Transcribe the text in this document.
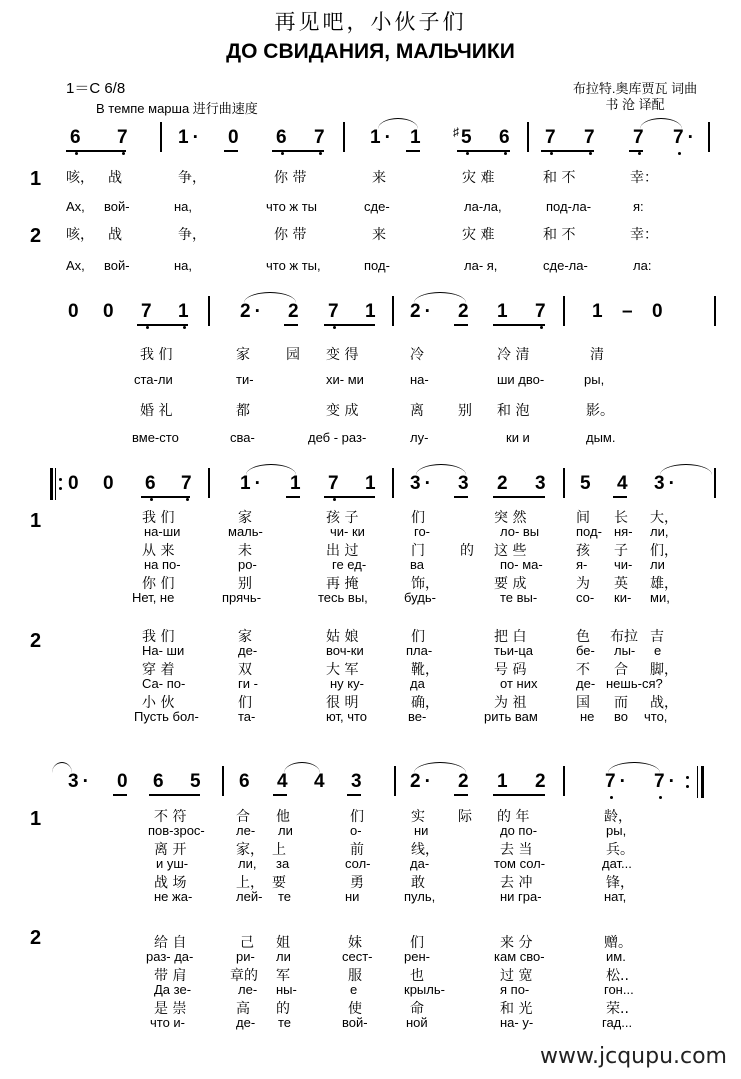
再见吧，小伙子们
ДО СВИДАНИЯ, МАЛЬЧИКИ
1＝C 6/8
В темпе марша 进行曲速度
布拉特.奥库贾瓦 词曲
书 沧 译配
6 7	1 · 0 6 7 1 · 1 5
♯ 6 7 7 7 7 ·
1
2
咳， 战	争，	你 带	来	灾 难	和 不	幸：
Ах, вой-	на,	что ж ты	сде-	ла-ла,	под-ла-	я:
咳， 战	争，	你 带	来	灾 难	和 不	幸：
Ах, вой-	на,	что ж ты,	под-	ла- я,	сде-ла-	ла:
0 0 7 1	2 · 2 7 1 2 · 2 1 7 1 – 0
我 们	家	园 变 得	冷	冷 清	清
ста-ли	ти-	хи- ми	на-	ши дво-	ры,
婚 礼	都	变 成	离 别 和 泡	影。
вме-сто	сва-	деб - раз-	лу-	ки и	дым.
0 0 6 7	1 · 1 7 1 3 · 3 2 3 5 4 3 ·
1
2
我 们	家	孩 子	们	突 然	间 长 大，
на-ши	маль-	чи- ки	го-	ло- вы	под- ня- ли,
从 来	未	出 过	门	的 这 些	孩 子 们，
на по-	ро-	ге ед-	ва	по- ма-	я- чи- ли
你 们	别	再 掩	饰，	要 成	为 英 雄，
Нет, не	прячь-	тесь вы,	будь-	те вы-	со- ки- ми,
我 们	家	姑 娘	们	把 白	色 布拉 吉
На- ши	де-	воч-ки	пла-	тьи-ца	бе- лы- е
穿 着	双	大 军	靴，	号 码	不 合 脚，
Са- по-	ги -	ну ку-	да	от них	де- нешь-ся?
小 伙	们	很 明	确，	为 祖	国 而 战，
Пусть бол-	та-	ют, что	ве-	рить вам	не во что,
3 · 0 6 5 6 4 4 3	2 · 2 1 2	7 · 7 ·
1
2
不 符	合 他	们	实 际 的 年	龄，
пов-зрос- ле- ли	о-	ни	до по-	ры,
离 开	家， 上	前	线，	去 当	兵。
и уш-	ли, за	сол-	да-	том сол-	дат...
战 场	上， 要	勇	敢	去 冲	锋，
не жа-	лей- те	ни	пуль,	ни гра-	нат,
给 自	己 姐	妹	们	来 分	赠。
раз- да-	ри- ли	сест- рен-	кам сво-	им.
带 肩	章的 军	服	也	过 宽	松..
Да зе-	ле- ны-	е	крыль-	я по-	гон...
是 崇	高 的	使	命	和 光	荣..
что и-	де- те	вой-	ной	на- у-	гад...
www.jcqupu.com
